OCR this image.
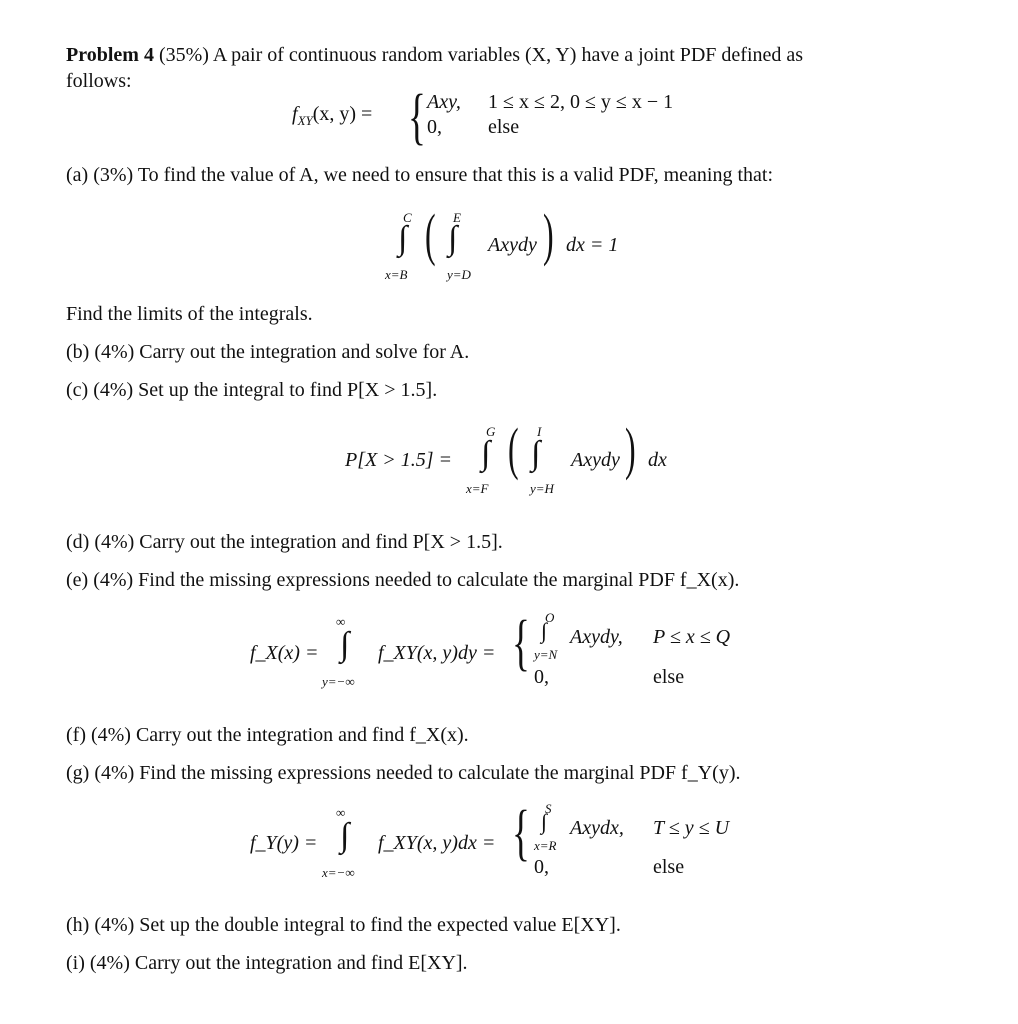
Problem 4 (35%) A pair of continuous random variables (X, Y) have a joint PDF defined as
follows:
$f_{XY}(x$, y) = { Axy, 1 ≤ x ≤ 2, 0 ≤ y ≤ x − 1
0, else
(a) (3%) To find the value of A, we need to ensure that this is a valid PDF, meaning that:
C
∫
x=B
( E
∫
y=D
Axydy ) dx = 1
Find the limits of the integrals.
(b) (4%) Carry out the integration and solve for A.
(c) (4%) Set up the integral to find P[X > 1.5].
P[X > 1.5] =
G
∫
x=F
( I
∫
y=H
Axydy ) dx
(d) (4%) Carry out the integration and find P[X > 1.5].
(e) (4%) Find the missing expressions needed to calculate the marginal PDF f_X(x).
f_X(x) =
∞
∫
y=−∞
f_XY(x, y)dy = { O
∫
y=N
Axydy, P ≤ x ≤ Q
0,	else
(f) (4%) Carry out the integration and find f_X(x).
(g) (4%) Find the missing expressions needed to calculate the marginal PDF f_Y(y).
f_Y(y) =
∞
∫
x=−∞
f_XY(x, y)dx = { S
∫
x=R
Axydx, T ≤ y ≤ U
0,	else
(h) (4%) Set up the double integral to find the expected value E[XY].
(i) (4%) Carry out the integration and find E[XY].
